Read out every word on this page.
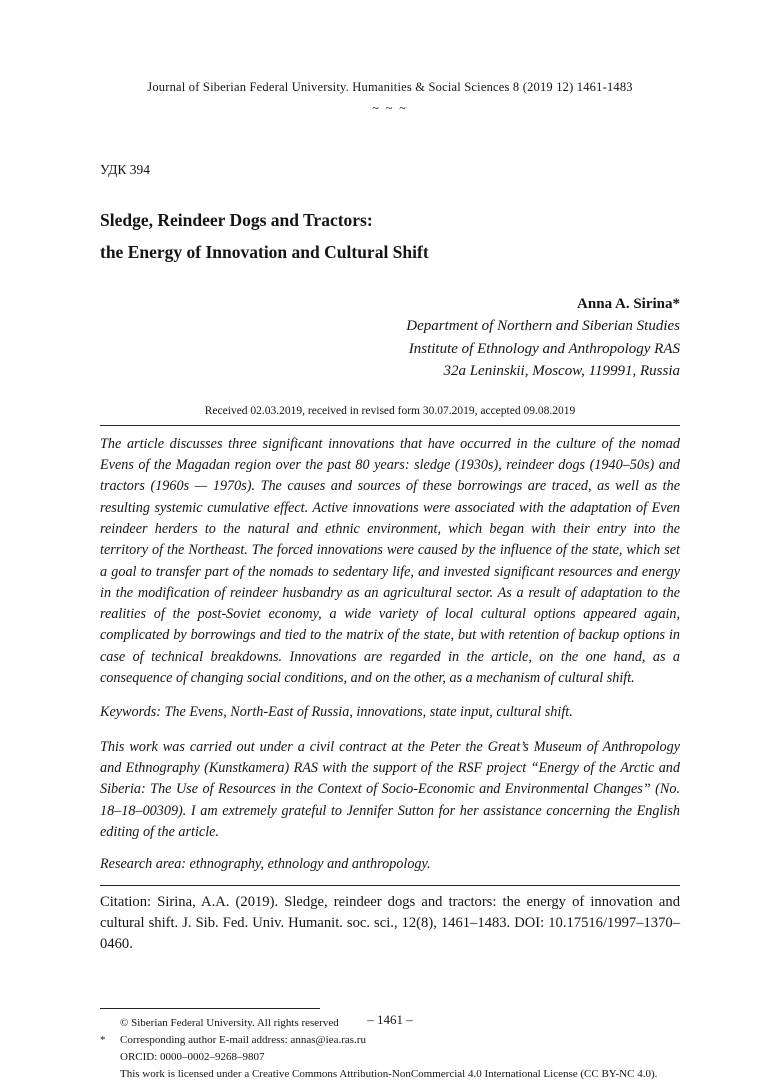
Journal of Siberian Federal University. Humanities & Social Sciences 8 (2019 12) 1461-1483
~ ~ ~
УДК 394
Sledge, Reindeer Dogs and Tractors:
the Energy of Innovation and Cultural Shift
Anna A. Sirina*
Department of Northern and Siberian Studies
Institute of Ethnology and Anthropology RAS
32a Leninskii, Moscow, 119991, Russia
Received 02.03.2019, received in revised form 30.07.2019, accepted 09.08.2019
The article discusses three significant innovations that have occurred in the culture of the nomad Evens of the Magadan region over the past 80 years: sledge (1930s), reindeer dogs (1940–50s) and tractors (1960s — 1970s). The causes and sources of these borrowings are traced, as well as the resulting systemic cumulative effect. Active innovations were associated with the adaptation of Even reindeer herders to the natural and ethnic environment, which began with their entry into the territory of the Northeast. The forced innovations were caused by the influence of the state, which set a goal to transfer part of the nomads to sedentary life, and invested significant resources and energy in the modification of reindeer husbandry as an agricultural sector. As a result of adaptation to the realities of the post-Soviet economy, a wide variety of local cultural options appeared again, complicated by borrowings and tied to the matrix of the state, but with retention of backup options in case of technical breakdowns. Innovations are regarded in the article, on the one hand, as a consequence of changing social conditions, and on the other, as a mechanism of cultural shift.
Keywords: The Evens, North-East of Russia, innovations, state input, cultural shift.
This work was carried out under a civil contract at the Peter the Great’s Museum of Anthropology and Ethnography (Kunstkamera) RAS with the support of the RSF project “Energy of the Arctic and Siberia: The Use of Resources in the Context of Socio-Economic and Environmental Changes” (No. 18–18–00309). I am extremely grateful to Jennifer Sutton for her assistance concerning the English editing of the article.
Research area: ethnography, ethnology and anthropology.
Citation: Sirina, A.A. (2019). Sledge, reindeer dogs and tractors: the energy of innovation and cultural shift. J. Sib. Fed. Univ. Humanit. soc. sci., 12(8), 1461–1483. DOI: 10.17516/1997–1370–0460.
© Siberian Federal University. All rights reserved
*	Corresponding author E-mail address: annas@iea.ras.ru
ORCID: 0000–0002–9268–9807
This work is licensed under a Creative Commons Attribution-NonCommercial 4.0 International License (CC BY-NC 4.0).
– 1461 –
